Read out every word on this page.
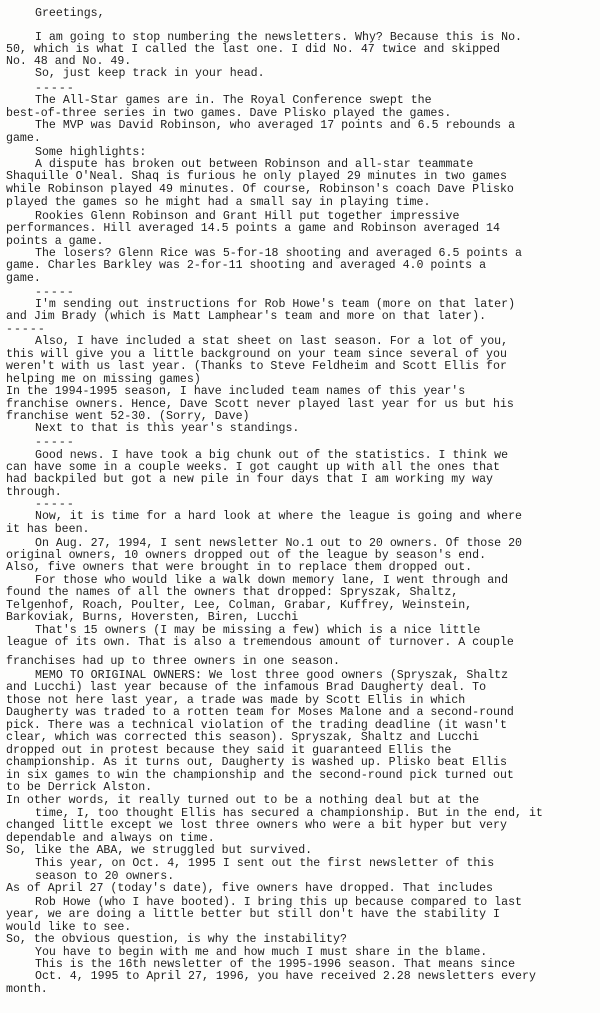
Greetings,
I am going to stop numbering the newsletters. Why? Because this is No.
50, which is what I called the last one. I did No. 47 twice and skipped
No. 48 and No. 49.
So, just keep track in your head.
-----
The All-Star games are in. The Royal Conference swept the
best-of-three series in two games. Dave Plisko played the games.
The MVP was David Robinson, who averaged 17 points and 6.5 rebounds a
game.
Some highlights:
A dispute has broken out between Robinson and all-star teammate
Shaquille O'Neal. Shaq is furious he only played 29 minutes in two games
while Robinson played 49 minutes. Of course, Robinson's coach Dave Plisko
played the games so he might had a small say in playing time.
Rookies Glenn Robinson and Grant Hill put together impressive
performances. Hill averaged 14.5 points a game and Robinson averaged 14
points a game.
The losers? Glenn Rice was 5-for-18 shooting and averaged 6.5 points a
game. Charles Barkley was 2-for-11 shooting and averaged 4.0 points a
game.
-----
I'm sending out instructions for Rob Howe's team (more on that later)
and Jim Brady (which is Matt Lamphear's team and more on that later).
-----
Also, I have included a stat sheet on last season. For a lot of you,
this will give you a little background on your team since several of you
weren't with us last year. (Thanks to Steve Feldheim and Scott Ellis for
helping me on missing games)
In the 1994-1995 season, I have included team names of this year's
franchise owners. Hence, Dave Scott never played last year for us but his
franchise went 52-30. (Sorry, Dave)
Next to that is this year's standings.
-----
Good news. I have took a big chunk out of the statistics. I think we
can have some in a couple weeks. I got caught up with all the ones that
had backpiled but got a new pile in four days that I am working my way
through.
-----
Now, it is time for a hard look at where the league is going and where
it has been.
On Aug. 27, 1994, I sent newsletter No.1 out to 20 owners. Of those 20
original owners, 10 owners dropped out of the league by season's end.
Also, five owners that were brought in to replace them dropped out.
For those who would like a walk down memory lane, I went through and
found the names of all the owners that dropped: Spryszak, Shaltz,
Telgenhof, Roach, Poulter, Lee, Colman, Grabar, Kuffrey, Weinstein,
Barkoviak, Burns, Hoversten, Biren, Lucchi
That's 15 owners (I may be missing a few) which is a nice little
league of its own. That is also a tremendous amount of turnover. A couple
franchises had up to three owners in one season.
MEMO TO ORIGINAL OWNERS: We lost three good owners (Spryszak, Shaltz
and Lucchi) last year because of the infamous Brad Daugherty deal. To
those not here last year, a trade was made by Scott Ellis in which
Daugherty was traded to a rotten team for Moses Malone and a second-round
pick. There was a technical violation of the trading deadline (it wasn't
clear, which was corrected this season). Spryszak, Shaltz and Lucchi
dropped out in protest because they said it guaranteed Ellis the
championship. As it turns out, Daugherty is washed up. Plisko beat Ellis
in six games to win the championship and the second-round pick turned out
to be Derrick Alston.
In other words, it really turned out to be a nothing deal but at the
time, I, too thought Ellis has secured a championship. But in the end, it
changed little except we lost three owners who were a bit hyper but very
dependable and always on time.
So, like the ABA, we struggled but survived.
This year, on Oct. 4, 1995 I sent out the first newsletter of this
season to 20 owners.
As of April 27 (today's date), five owners have dropped. That includes
Rob Howe (who I have booted). I bring this up because compared to last
year, we are doing a little better but still don't have the stability I
would like to see.
So, the obvious question, is why the instability?
You have to begin with me and how much I must share in the blame.
This is the 16th newsletter of the 1995-1996 season. That means since
Oct. 4, 1995 to April 27, 1996, you have received 2.28 newsletters every
month.
